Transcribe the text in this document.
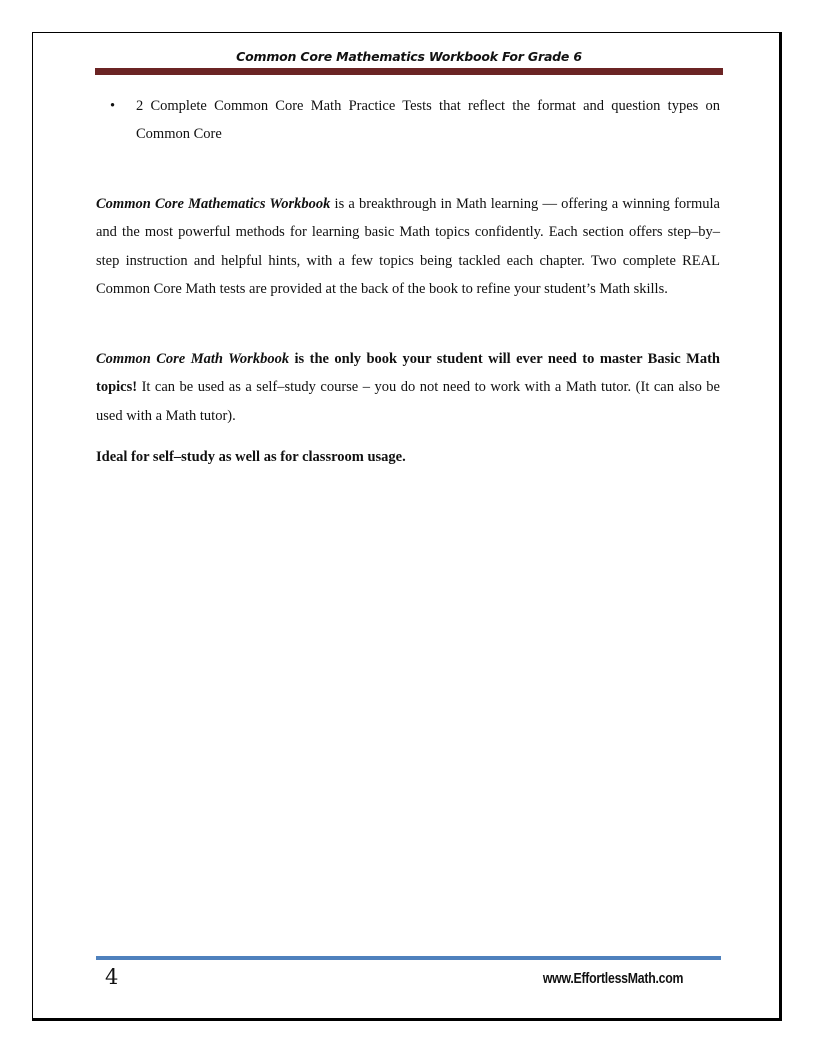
Common Core Mathematics Workbook For Grade 6
• 2 Complete Common Core Math Practice Tests that reflect the format and question types on Common Core
Common Core Mathematics Workbook is a breakthrough in Math learning — offering a winning formula and the most powerful methods for learning basic Math topics confidently. Each section offers step–by–step instruction and helpful hints, with a few topics being tackled each chapter. Two complete REAL Common Core Math tests are provided at the back of the book to refine your student’s Math skills.
Common Core Math Workbook is the only book your student will ever need to master Basic Math topics! It can be used as a self–study course – you do not need to work with a Math tutor. (It can also be used with a Math tutor).
Ideal for self–study as well as for classroom usage.
4	www.EffortlessMath.com
